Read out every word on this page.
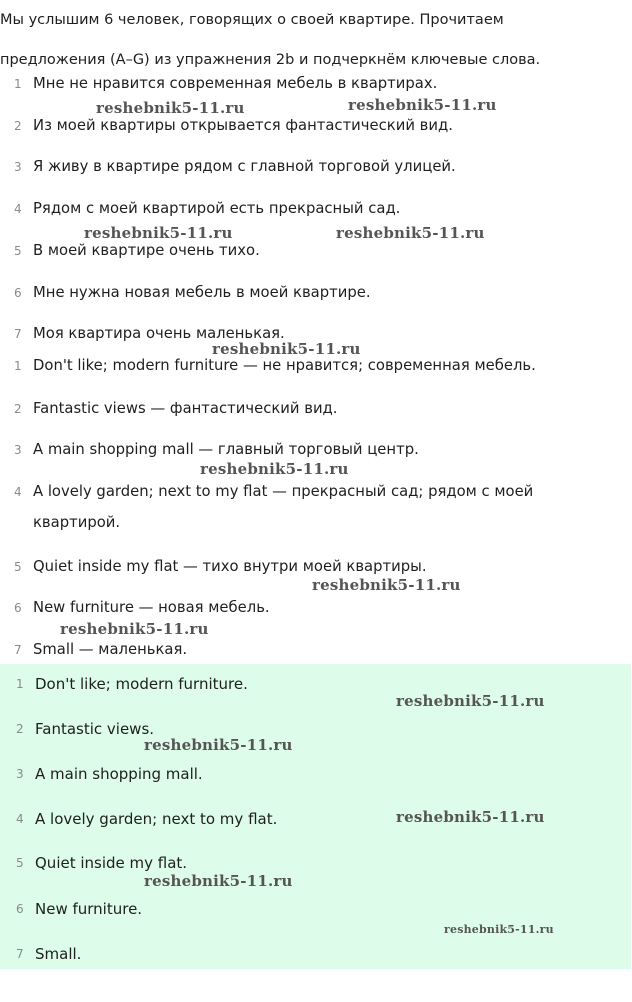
Мы услышим 6 человек, говорящих о своей квартире. Прочитаем
предложения (A–G) из упражнения 2b и подчеркнём ключевые слова.

1 Мне не нравится современная мебель в квартирах.
2 Из моей квартиры открывается фантастический вид.
3 Я живу в квартире рядом с главной торговой улицей.
4 Рядом с моей квартирой есть прекрасный сад.
5 В моей квартире очень тихо.
6 Мне нужна новая мебель в моей квартире.
7 Моя квартира очень маленькая.
1 Don't like; modern furniture — не нравится; современная мебель.
2 Fantastic views — фантастический вид.
3 A main shopping mall — главный торговый центр.
4 A lovely garden; next to my flat — прекрасный сад; рядом с моей
квартирой.
5 Quiet inside my flat — тихо внутри моей квартиры.
6 New furniture — новая мебель.
7 Small — маленькая.
1 Don't like; modern furniture.
2 Fantastic views.
3 A main shopping mall.
4 A lovely garden; next to my flat.
5 Quiet inside my flat.
6 New furniture.
7 Small.
reshebnik5-11.ru	reshebnik5-11.ru
reshebnik5-11.ru	reshebnik5-11.ru
reshebnik5-11.ru
reshebnik5-11.ru
reshebnik5-11.ru
reshebnik5-11.ru
reshebnik5-11.ru
reshebnik5-11.ru
reshebnik5-11.ru
reshebnik5-11.ru
reshebnik5-11.ru
